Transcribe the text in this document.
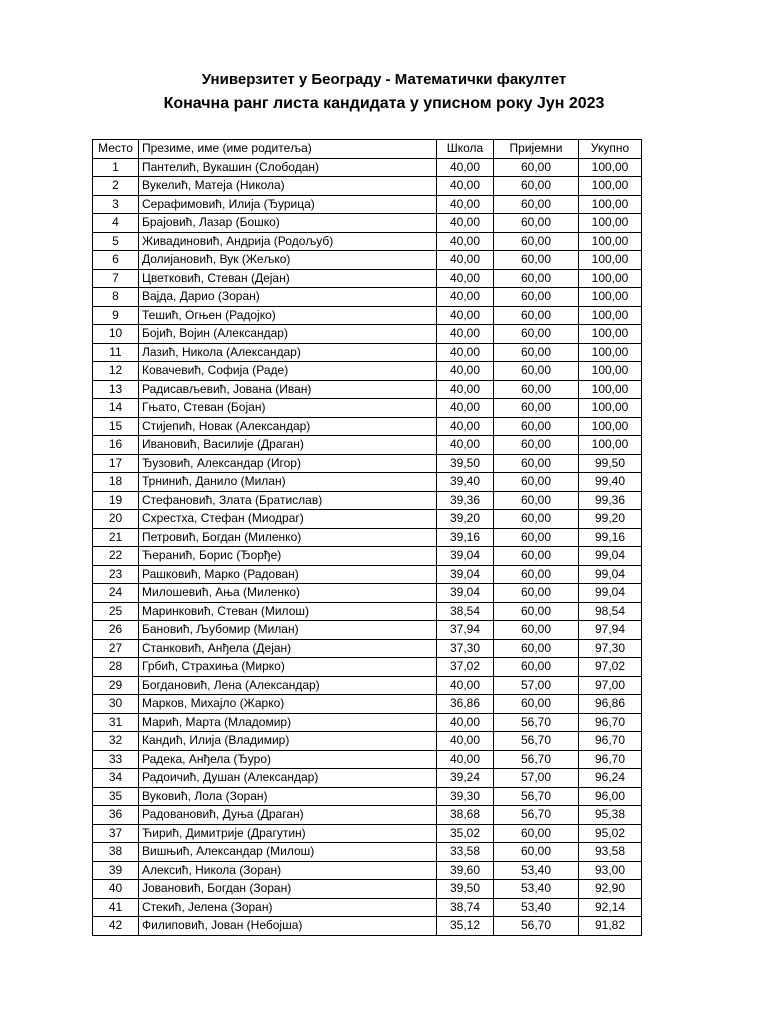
Универзитет у Београду - Математички факултет
Коначна ранг листа кандидата у уписном року Јун 2023
Место	Презиме, име (име родитеља)	Школа	Пријемни	Укупно
1	Пантелић, Вукашин (Слободан)	40,00	60,00	100,00
2	Вукелић, Матеја (Никола)	40,00	60,00	100,00
3	Серафимовић, Илија (Ђурица)	40,00	60,00	100,00
4	Брајовић, Лазар (Бошко)	40,00	60,00	100,00
5	Живадиновић, Андрија (Родољуб)	40,00	60,00	100,00
6	Долијановић, Вук (Жељко)	40,00	60,00	100,00
7	Цветковић, Стеван (Дејан)	40,00	60,00	100,00
8	Вајда, Дарио (Зоран)	40,00	60,00	100,00
9	Тешић, Огњен (Радојко)	40,00	60,00	100,00
10	Бојић, Војин (Александар)	40,00	60,00	100,00
11	Лазић, Никола (Александар)	40,00	60,00	100,00
12	Ковачевић, Софија (Раде)	40,00	60,00	100,00
13	Радисављевић, Јована (Иван)	40,00	60,00	100,00
14	Гњато, Стеван (Бојан)	40,00	60,00	100,00
15	Стијепић, Новак (Александар)	40,00	60,00	100,00
16	Ивановић, Василије (Драган)	40,00	60,00	100,00
17	Ђузовић, Александар (Игор)	39,50	60,00	99,50
18	Трнинић, Данило (Милан)	39,40	60,00	99,40
19	Стефановић, Злата (Братислав)	39,36	60,00	99,36
20	Схрестха, Стефан (Миодраг)	39,20	60,00	99,20
21	Петровић, Богдан (Миленко)	39,16	60,00	99,16
22	Ћеранић, Борис (Ђорђе)	39,04	60,00	99,04
23	Рашковић, Марко (Радован)	39,04	60,00	99,04
24	Милошевић, Ања (Миленко)	39,04	60,00	99,04
25	Маринковић, Стеван (Милош)	38,54	60,00	98,54
26	Бановић, Љубомир (Милан)	37,94	60,00	97,94
27	Станковић, Анђела (Дејан)	37,30	60,00	97,30
28	Грбић, Страхиња (Мирко)	37,02	60,00	97,02
29	Богдановић, Лена (Александар)	40,00	57,00	97,00
30	Марков, Михајло (Жарко)	36,86	60,00	96,86
31	Марић, Марта (Младомир)	40,00	56,70	96,70
32	Кандић, Илија (Владимир)	40,00	56,70	96,70
33	Радека, Анђела (Ђуро)	40,00	56,70	96,70
34	Радоичић, Душан (Александар)	39,24	57,00	96,24
35	Вуковић, Лола (Зоран)	39,30	56,70	96,00
36	Радовановић, Дуња (Драган)	38,68	56,70	95,38
37	Ћирић, Димитрије (Драгутин)	35,02	60,00	95,02
38	Вишњић, Александар (Милош)	33,58	60,00	93,58
39	Алексић, Никола (Зоран)	39,60	53,40	93,00
40	Јовановић, Богдан (Зоран)	39,50	53,40	92,90
41	Стекић, Јелена (Зоран)	38,74	53,40	92,14
42	Филиповић, Јован (Небојша)	35,12	56,70	91,82
